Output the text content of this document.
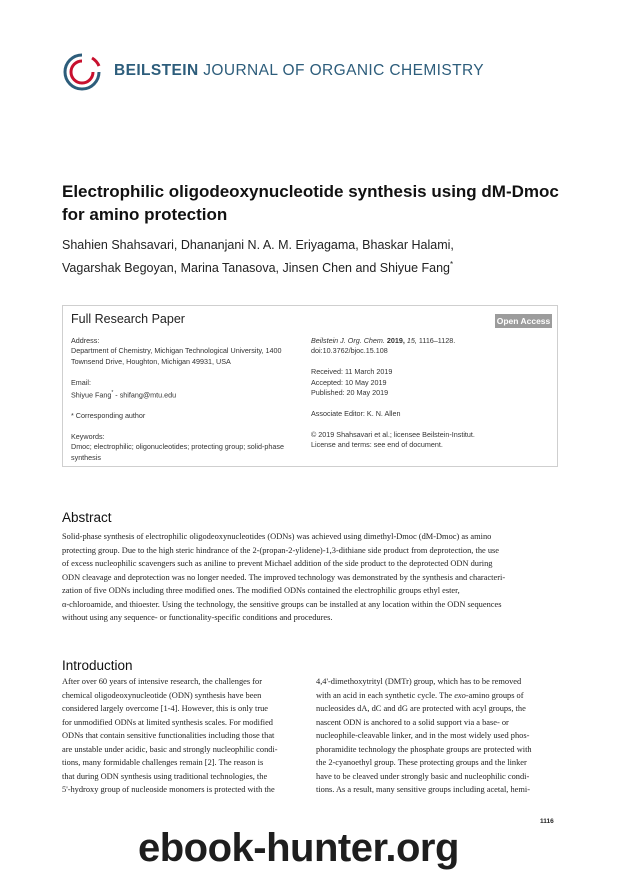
BEILSTEIN JOURNAL OF ORGANIC CHEMISTRY
Electrophilic oligodeoxynucleotide synthesis using dM-Dmoc
for amino protection
Shahien Shahsavari, Dhananjani N. A. M. Eriyagama, Bhaskar Halami,
Vagarshak Begoyan, Marina Tanasova, Jinsen Chen and Shiyue Fang*
Full Research Paper	Open Access
Address:
Department of Chemistry, Michigan Technological University, 1400
Townsend Drive, Houghton, Michigan 49931, USA
Email:
Shiyue Fang* - shifang@mtu.edu
* Corresponding author
Keywords:
Dmoc; electrophilic; oligonucleotides; protecting group; solid-phase
synthesis
Beilstein J. Org. Chem. 2019, 15, 1116–1128.
doi:10.3762/bjoc.15.108
Received: 11 March 2019
Accepted: 10 May 2019
Published: 20 May 2019
Associate Editor: K. N. Allen
© 2019 Shahsavari et al.; licensee Beilstein-Institut.
License and terms: see end of document.
Abstract
Solid-phase synthesis of electrophilic oligodeoxynucleotides (ODNs) was achieved using dimethyl-Dmoc (dM-Dmoc) as amino
protecting group. Due to the high steric hindrance of the 2-(propan-2-ylidene)-1,3-dithiane side product from deprotection, the use
of excess nucleophilic scavengers such as aniline to prevent Michael addition of the side product to the deprotected ODN during
ODN cleavage and deprotection was no longer needed. The improved technology was demonstrated by the synthesis and characteri-
zation of five ODNs including three modified ones. The modified ODNs contained the electrophilic groups ethyl ester,
α-chloroamide, and thioester. Using the technology, the sensitive groups can be installed at any location within the ODN sequences
without using any sequence- or functionality-specific conditions and procedures.
Introduction
After over 60 years of intensive research, the challenges for
chemical oligodeoxynucleotide (ODN) synthesis have been
considered largely overcome [1-4]. However, this is only true
for unmodified ODNs at limited synthesis scales. For modified
ODNs that contain sensitive functionalities including those that
are unstable under acidic, basic and strongly nucleophilic condi-
tions, many formidable challenges remain [2]. The reason is
that during ODN synthesis using traditional technologies, the
5'-hydroxy group of nucleoside monomers is protected with the
4,4'-dimethoxytrityl (DMTr) group, which has to be removed
with an acid in each synthetic cycle. The exo-amino groups of
nucleosides dA, dC and dG are protected with acyl groups, the
nascent ODN is anchored to a solid support via a base- or
nucleophile-cleavable linker, and in the most widely used phos-
phoramidite technology the phosphate groups are protected with
the 2-cyanoethyl group. These protecting groups and the linker
have to be cleaved under strongly basic and nucleophilic condi-
tions. As a result, many sensitive groups including acetal, hemi-
1116
ebook-hunter.org
